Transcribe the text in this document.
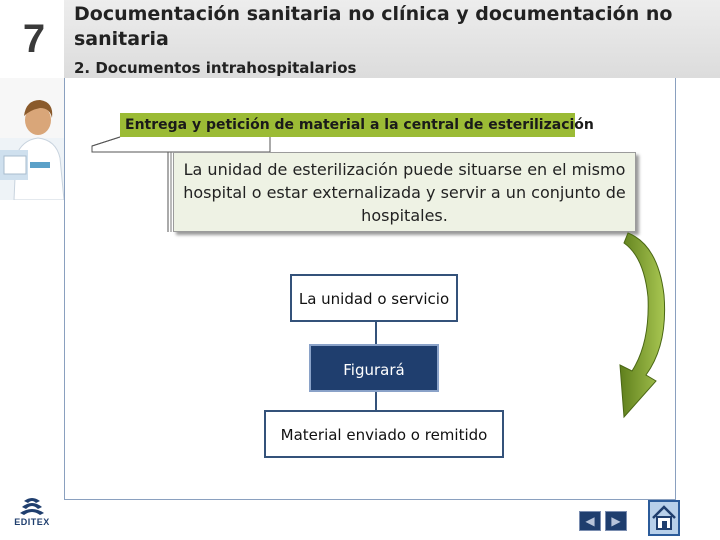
7
Documentación sanitaria no clínica y documentación no sanitaria
2. Documentos intrahospitalarios
Entrega y petición de material a la central de esterilización
La unidad de esterilización puede situarse en el mismo hospital o estar externalizada y servir a un conjunto de hospitales.
La unidad o servicio
Figurará
Material enviado o remitido
EDITEX	◀	▶
